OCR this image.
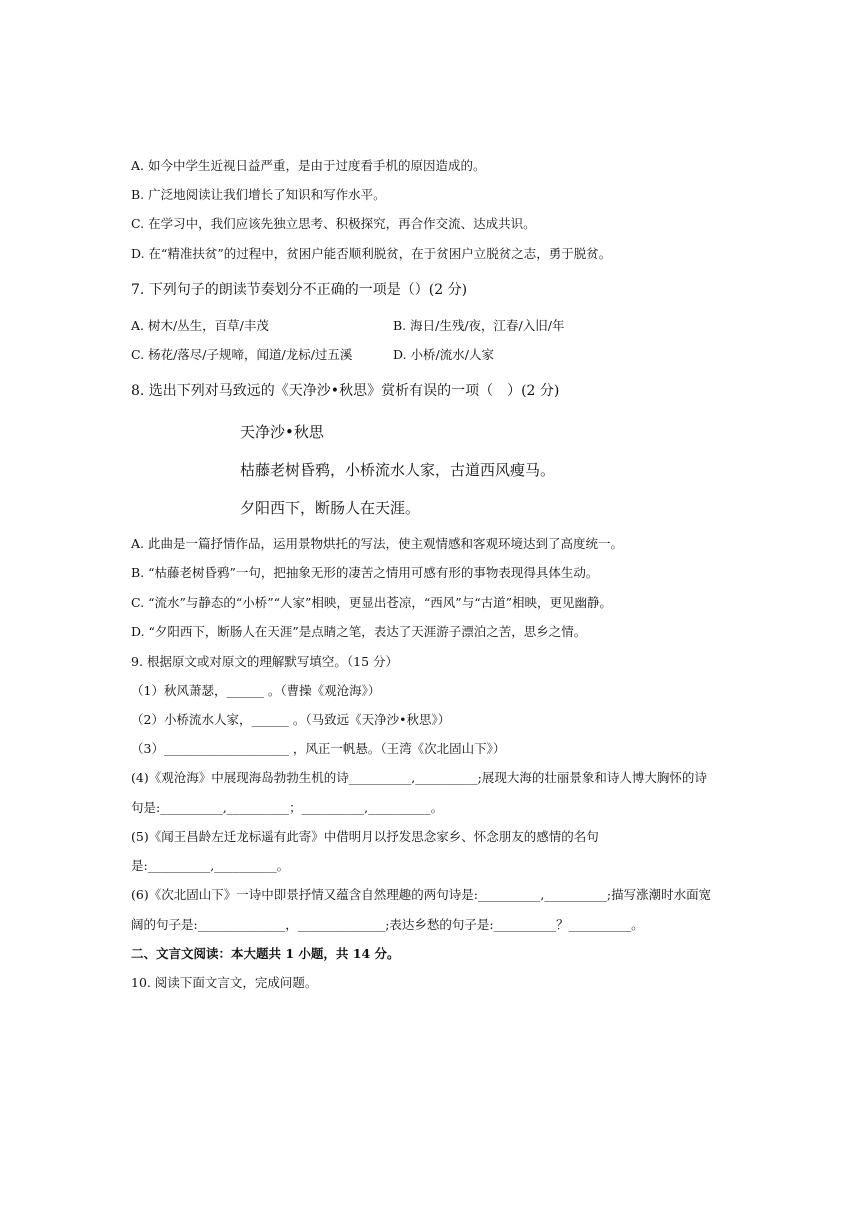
A. 如今中学生近视日益严重，是由于过度看手机的原因造成的。
B. 广泛地阅读让我们增长了知识和写作水平。
C. 在学习中，我们应该先独立思考、积极探究，再合作交流、达成共识。
D. 在“精准扶贫”的过程中，贫困户能否顺利脱贫，在于贫困户立脱贫之志，勇于脱贫。
7. 下列句子的朗读节奏划分不正确的一项是（）(2 分)
A. 树木/丛生，百草/丰茂	B. 海日/生残/夜，江春/入旧/年
C. 杨花/落尽/子规啼，闻道/龙标/过五溪	D. 小桥/流水/人家
8. 选出下列对马致远的《天净沙•秋思》赏析有误的一项（　）(2 分)
天净沙•秋思
枯藤老树昏鸦，小桥流水人家，古道西风瘦马。
夕阳西下，断肠人在天涯。
A. 此曲是一篇抒情作品，运用景物烘托的写法，使主观情感和客观环境达到了高度统一。
B. “枯藤老树昏鸦”一句，把抽象无形的凄苦之情用可感有形的事物表现得具体生动。
C. “流水”与静态的“小桥”“人家”相映，更显出苍凉，“西风”与“古道”相映，更见幽静。
D. “夕阳西下，断肠人在天涯”是点睛之笔，表达了天涯游子漂泊之苦，思乡之情。
9. 根据原文或对原文的理解默写填空。（15 分）
（1）秋风萧瑟，______ 。（曹操《观沧海》）
（2）小桥流水人家，______ 。（马致远《天净沙•秋思》）
（3）____________________ ，风正一帆悬。（王湾《次北固山下》）
(4)《观沧海》中展现海岛勃勃生机的诗__________,__________;展现大海的壮丽景象和诗人博大胸怀的诗
句是:__________,__________；__________,__________。
(5)《闻王昌龄左迁龙标遥有此寄》中借明月以抒发思念家乡、怀念朋友的感情的名句
是:__________,__________。
(6)《次北固山下》一诗中即景抒情又蕴含自然理趣的两句诗是:__________,__________;描写涨潮时水面宽
阔的句子是:______________，______________;表达乡愁的句子是:__________？__________。
二、文言文阅读：本大题共 1 小题，共 14 分。
10. 阅读下面文言文，完成问题。
